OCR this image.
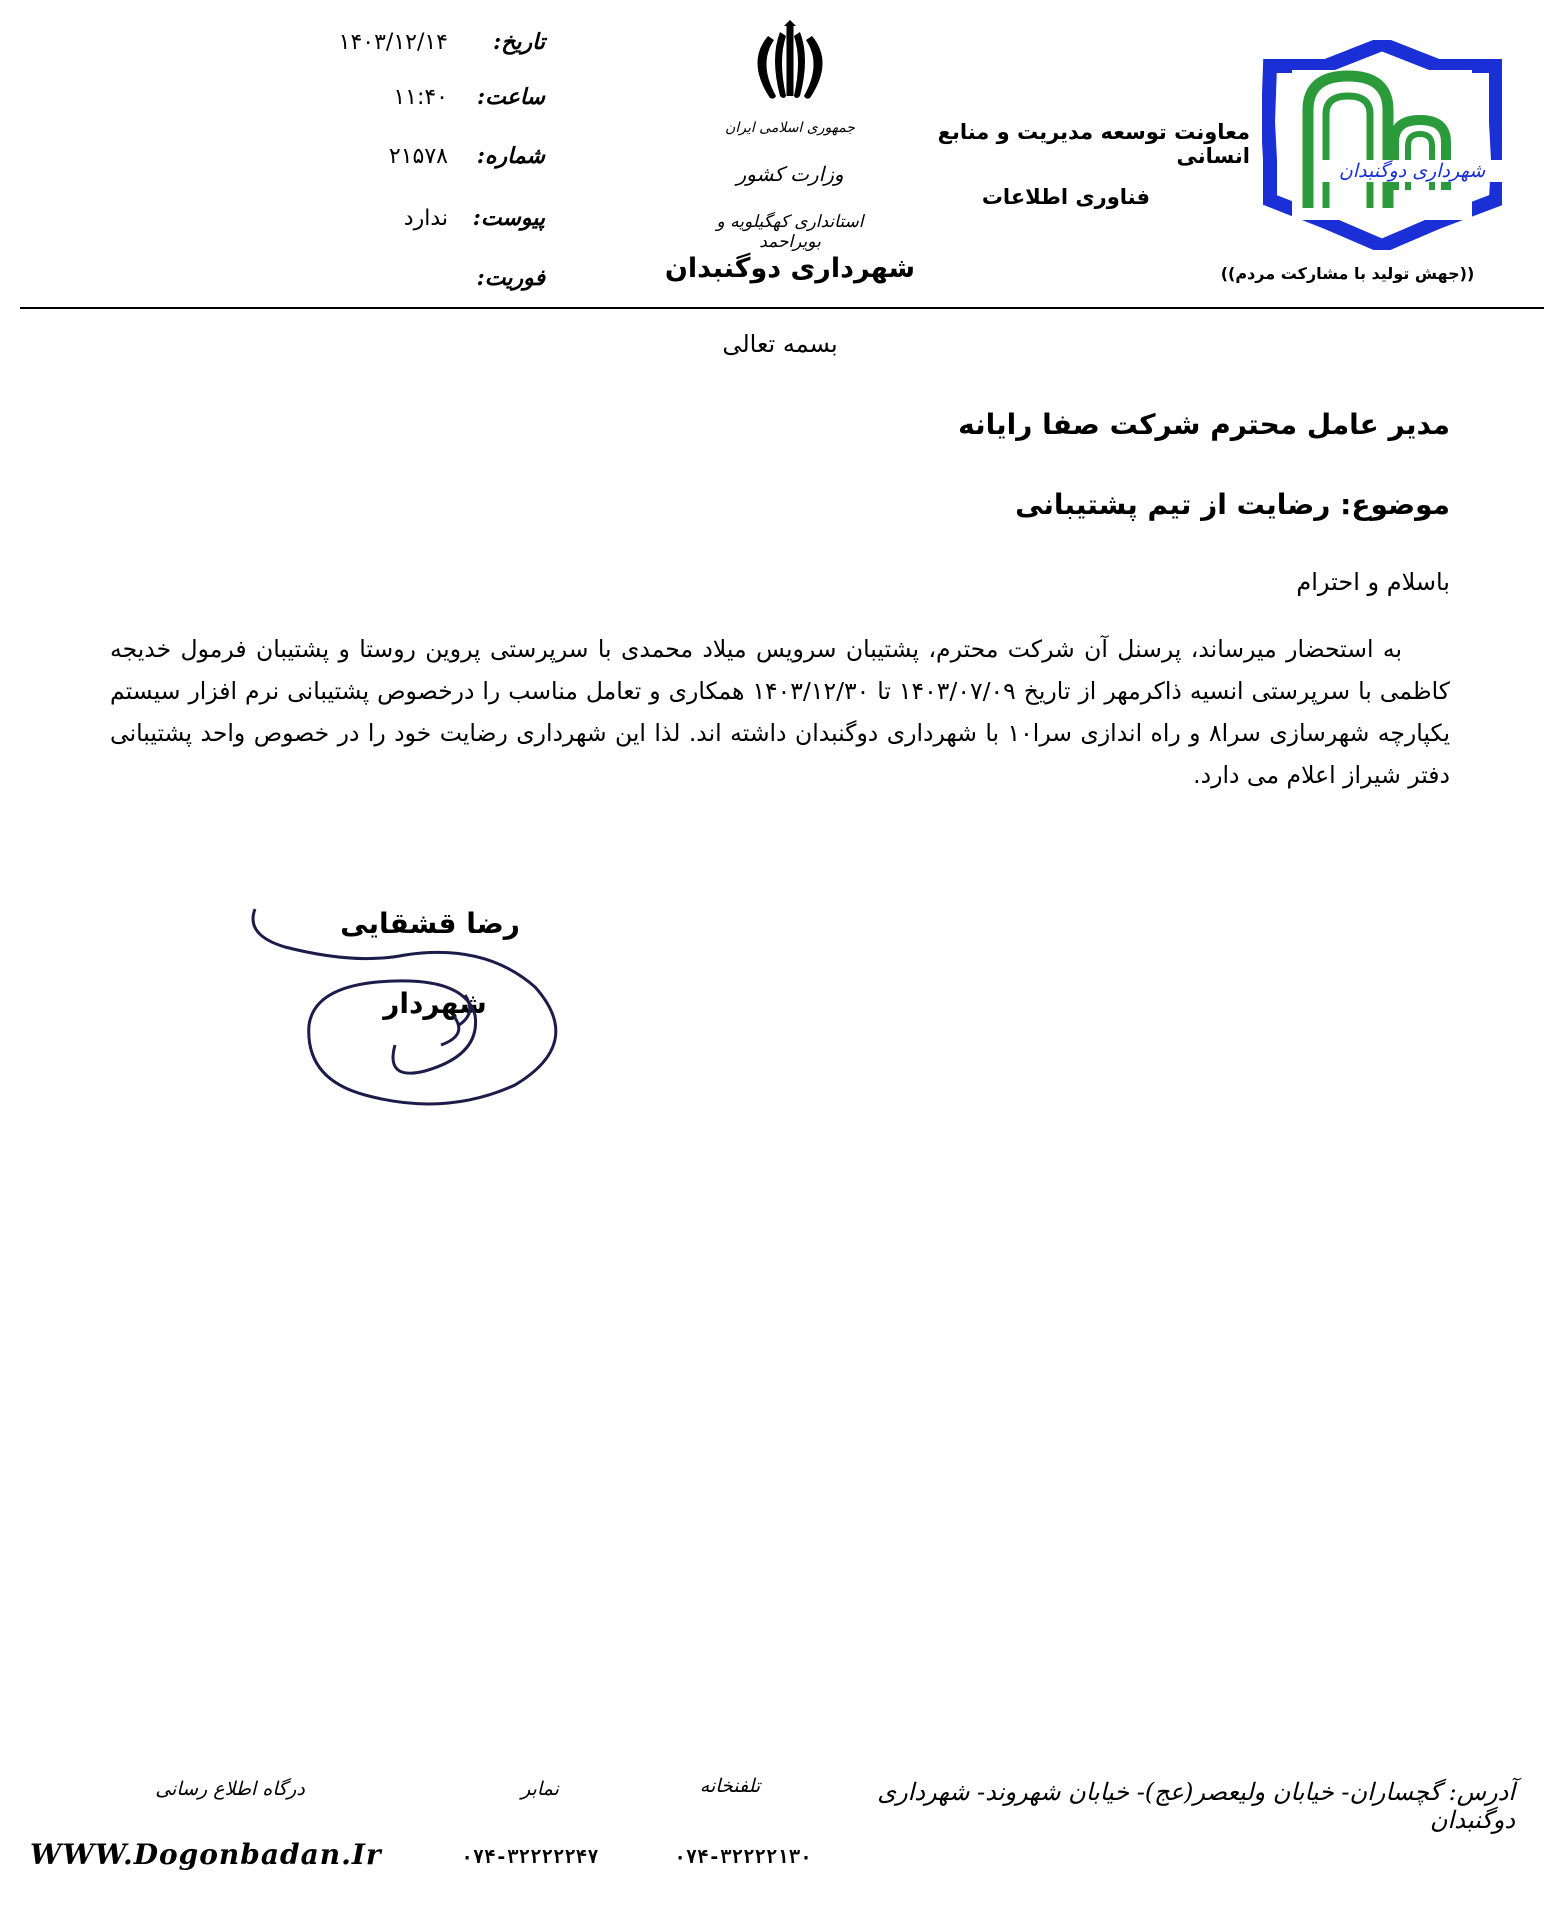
تاریخ:
۱۴۰۳/۱۲/۱۴
ساعت:
۱۱:۴۰
شماره:
۲۱۵۷۸
پیوست:
ندارد
فوریت:
جمهوری اسلامی ایران
وزارت کشور
استانداری کهگیلویه و بویراحمد
شهرداری دوگنبدان
معاونت توسعه مدیریت و منابع انسانی
فناوری اطلاعات
شهرداری دوگنبدان
((جهش تولید با مشارکت مردم))
بسمه تعالی
مدیر عامل محترم شرکت صفا رایانه
موضوع: رضایت از تیم پشتیبانی
باسلام و احترام
به استحضار میرساند، پرسنل آن شرکت محترم، پشتیبان سرویس میلاد محمدی با سرپرستی پروین روستا و پشتیبان فرمول خدیجه کاظمی با سرپرستی انسیه ذاکرمهر از تاریخ ۱۴۰۳/۰۷/۰۹ تا ۱۴۰۳/۱۲/۳۰ همکاری و تعامل مناسب را درخصوص پشتیبانی نرم افزار سیستم یکپارچه شهرسازی سرا۸ و راه اندازی سرا۱۰ با شهرداری دوگنبدان داشته اند. لذا این شهرداری رضایت خود را در خصوص واحد پشتیبانی دفتر شیراز اعلام می دارد.
رضا قشقایی
شهردار
آدرس: گچساران- خیابان ولیعصر(عج)- خیابان شهروند- شهرداری دوگنبدان
تلفنخانه
۰۷۴-۳۲۲۲۲۱۳۰
نمابر
۰۷۴-۳۲۲۲۲۲۴۷
درگاه اطلاع رسانی
WWW.Dogonbadan.Ir
